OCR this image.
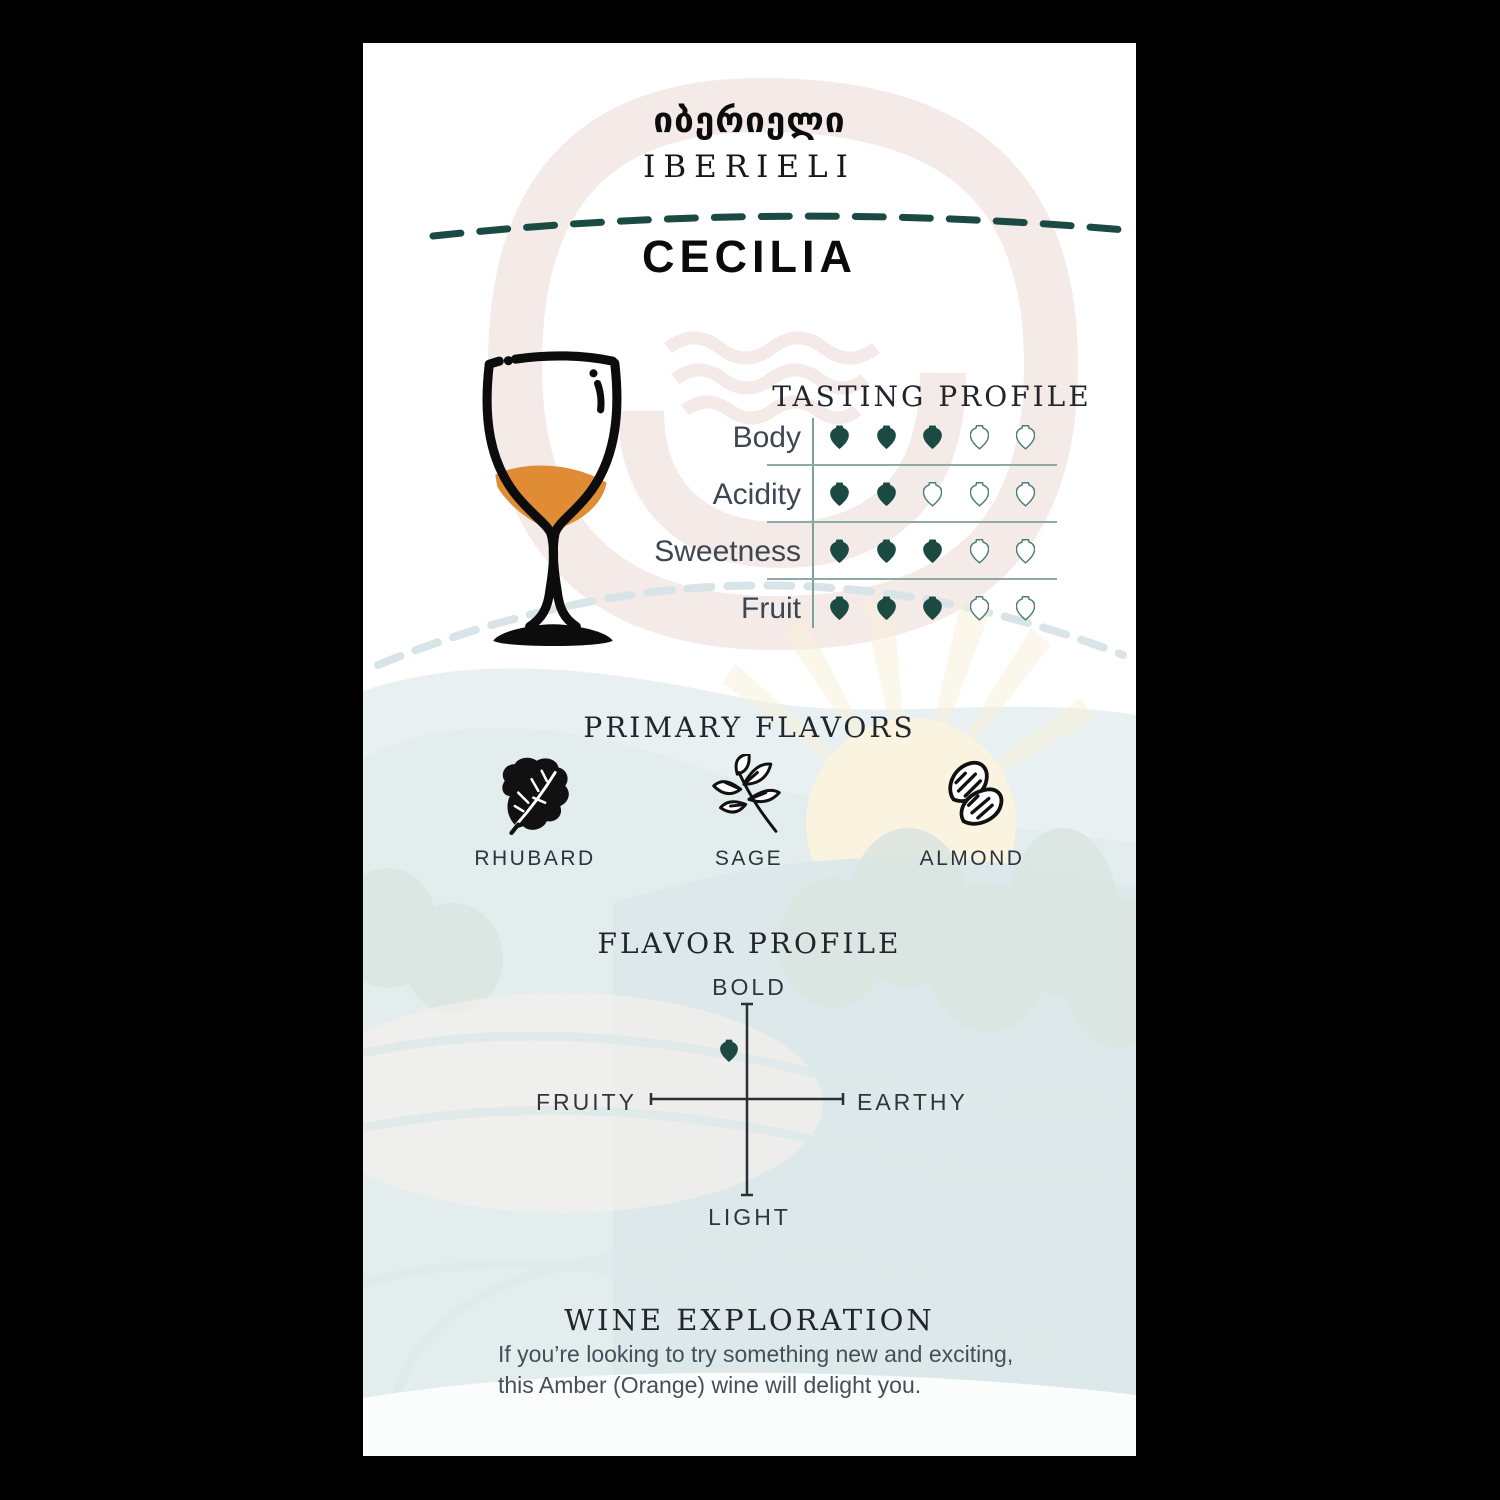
იბერიელი
IBERIELI
CECILIA
TASTING PROFILE
Body
Acidity
Sweetness
Fruit
PRIMARY FLAVORS
RHUBARD	SAGE	ALMOND
FLAVOR PROFILE
BOLD
FRUITY	EARTHY
LIGHT
WINE EXPLORATION
If you’re looking to try something new and exciting,
this Amber (Orange) wine will delight you.
